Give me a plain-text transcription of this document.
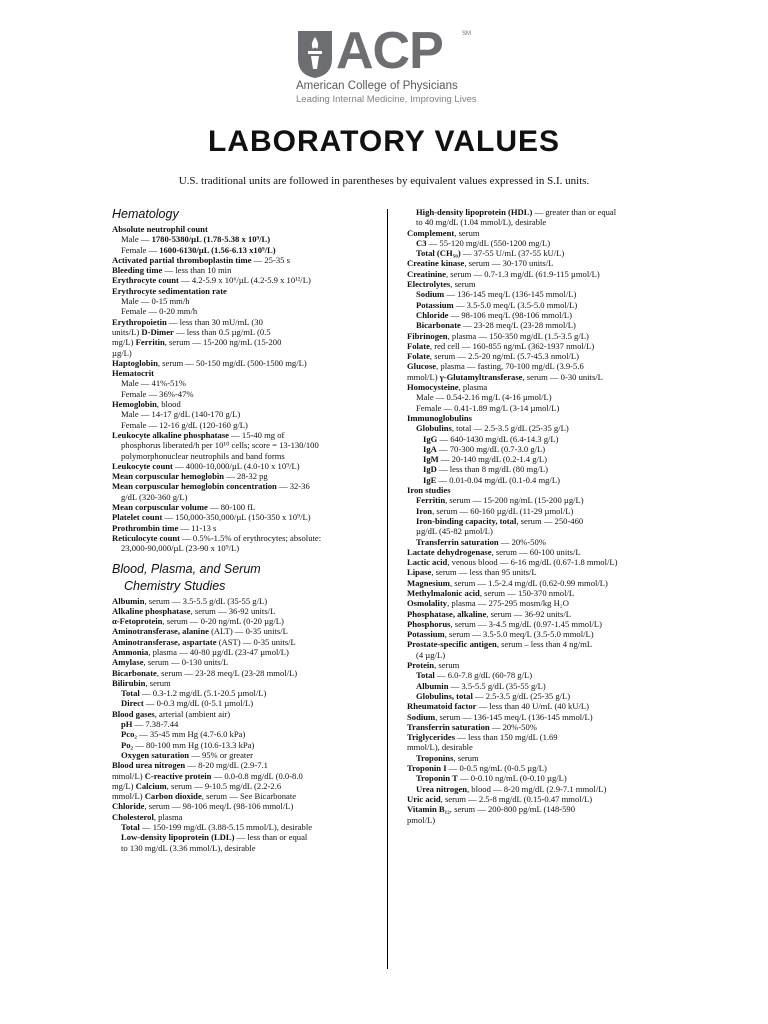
ACP	SM
American College of Physicians
Leading Internal Medicine, Improving Lives
LABORATORY VALUES
U.S. traditional units are followed in parentheses by equivalent values expressed in S.I. units.
Hematology
Absolute neutrophil count
Male — 1780-5380/µL (1.78-5.38 x 10⁹/L)
Female — 1600-6130/µL (1.56-6.13 x10⁹/L)
Activated partial thromboplastin time — 25-35 s
Bleeding time — less than 10 min
Erythrocyte count — 4.2-5.9 x 10⁶/µL (4.2-5.9 x 10¹²/L)
Erythrocyte sedimentation rate
Male — 0-15 mm/h
Female — 0-20 mm/h
Erythropoietin — less than 30 mU/mL (30
units/L) D-Dimer — less than 0.5 µg/mL (0.5
mg/L) Ferritin, serum — 15-200 ng/mL (15-200
µg/L)
Haptoglobin, serum — 50-150 mg/dL (500-1500 mg/L)
Hematocrit
Male — 41%-51%
Female — 36%-47%
Hemoglobin, blood
Male — 14-17 g/dL (140-170 g/L)
Female — 12-16 g/dL (120-160 g/L)
Leukocyte alkaline phosphatase — 15-40 mg of
phosphorus liberated/h per 10¹⁰ cells; score = 13-130/100
polymorphonuclear neutrophils and band forms
Leukocyte count — 4000-10,000/µL (4.0-10 x 10⁹/L)
Mean corpuscular hemoglobin — 28-32 pg
Mean corpuscular hemoglobin concentration — 32-36
g/dL (320-360 g/L)
Mean corpuscular volume — 80-100 fL
Platelet count — 150,000-350,000/µL (150-350 x 10⁹/L)
Prothrombin time — 11-13 s
Reticulocyte count — 0.5%-1.5% of erythrocytes; absolute:
23,000-90,000/µL (23-90 x 10⁹/L)
Blood, Plasma, and Serum
Chemistry Studies
Albumin, serum — 3.5-5.5 g/dL (35-55 g/L)
Alkaline phosphatase, serum — 36-92 units/L
α-Fetoprotein, serum — 0-20 ng/mL (0-20 µg/L)
Aminotransferase, alanine (ALT) — 0-35 units/L
Aminotransferase, aspartate (AST) — 0-35 units/L
Ammonia, plasma — 40-80 µg/dL (23-47 µmol/L)
Amylase, serum — 0-130 units/L
Bicarbonate, serum — 23-28 meq/L (23-28 mmol/L)
Bilirubin, serum
Total — 0.3-1.2 mg/dL (5.1-20.5 µmol/L)
Direct — 0-0.3 mg/dL (0-5.1 µmol/L)
Blood gases, arterial (ambient air)
pH — 7.38-7.44
Pco₂ — 35-45 mm Hg (4.7-6.0 kPa)
Po₂ — 80-100 mm Hg (10.6-13.3 kPa)
Oxygen saturation — 95% or greater
Blood urea nitrogen — 8-20 mg/dL (2.9-7.1
mmol/L) C-reactive protein — 0.0-0.8 mg/dL (0.0-8.0
mg/L) Calcium, serum — 9-10.5 mg/dL (2.2-2.6
mmol/L) Carbon dioxide, serum — See Bicarbonate
Chloride, serum — 98-106 meq/L (98-106 mmol/L)
Cholesterol, plasma
Total — 150-199 mg/dL (3.88-5.15 mmol/L), desirable
Low-density lipoprotein (LDL) — less than or equal
to 130 mg/dL (3.36 mmol/L), desirable
High-density lipoprotein (HDL) — greater than or equal
to 40 mg/dL (1.04 mmol/L), desirable
Complement, serum
C3 — 55-120 mg/dL (550-1200 mg/L)
Total (CH₅₀) — 37-55 U/mL (37-55 kU/L)
Creatine kinase, serum — 30-170 units/L
Creatinine, serum — 0.7-1.3 mg/dL (61.9-115 µmol/L)
Electrolytes, serum
Sodium — 136-145 meq/L (136-145 mmol/L)
Potassium — 3.5-5.0 meq/L (3.5-5.0 mmol/L)
Chloride — 98-106 meq/L (98-106 mmol/L)
Bicarbonate — 23-28 meq/L (23-28 mmol/L)
Fibrinogen, plasma — 150-350 mg/dL (1.5-3.5 g/L)
Folate, red cell — 160-855 ng/mL (362-1937 nmol/L)
Folate, serum — 2.5-20 ng/mL (5.7-45.3 nmol/L)
Glucose, plasma — fasting, 70-100 mg/dL (3.9-5.6
mmol/L) γ-Glutamyltransferase, serum — 0-30 units/L
Homocysteine, plasma
Male — 0.54-2.16 mg/L (4-16 µmol/L)
Female — 0.41-1.89 mg/L (3-14 µmol/L)
Immunoglobulins
Globulins, total — 2.5-3.5 g/dL (25-35 g/L)
IgG — 640-1430 mg/dL (6.4-14.3 g/L)
IgA — 70-300 mg/dL (0.7-3.0 g/L)
IgM — 20-140 mg/dL (0.2-1.4 g/L)
IgD — less than 8 mg/dL (80 mg/L)
IgE — 0.01-0.04 mg/dL (0.1-0.4 mg/L)
Iron studies
Ferritin, serum — 15-200 ng/mL (15-200 µg/L)
Iron, serum — 60-160 µg/dL (11-29 µmol/L)
Iron-binding capacity, total, serum — 250-460
µg/dL (45-82 µmol/L)
Transferrin saturation — 20%-50%
Lactate dehydrogenase, serum — 60-100 units/L
Lactic acid, venous blood — 6-16 mg/dL (0.67-1.8 mmol/L)
Lipase, serum — less than 95 units/L
Magnesium, serum — 1.5-2.4 mg/dL (0.62-0.99 mmol/L)
Methylmalonic acid, serum — 150-370 nmol/L
Osmolality, plasma — 275-295 mosm/kg H₂O
Phosphatase, alkaline, serum — 36-92 units/L
Phosphorus, serum — 3-4.5 mg/dL (0.97-1.45 mmol/L)
Potassium, serum — 3.5-5.0 meq/L (3.5-5.0 mmol/L)
Prostate-specific antigen, serum – less than 4 ng/mL
(4 µg/L)
Protein, serum
Total — 6.0-7.8 g/dL (60-78 g/L)
Albumin — 3.5-5.5 g/dL (35-55 g/L)
Globulins, total — 2.5-3.5 g/dL (25-35 g/L)
Rheumatoid factor — less than 40 U/mL (40 kU/L)
Sodium, serum — 136-145 meq/L (136-145 mmol/L)
Transferrin saturation — 20%-50%
Triglycerides — less than 150 mg/dL (1.69
mmol/L), desirable
Troponins, serum
Troponin I — 0-0.5 ng/mL (0-0.5 µg/L)
Troponin T — 0-0.10 ng/mL (0-0.10 µg/L)
Urea nitrogen, blood — 8-20 mg/dL (2.9-7.1 mmol/L)
Uric acid, serum — 2.5-8 mg/dL (0.15-0.47 mmol/L)
Vitamin B₁₂, serum — 200-800 pg/mL (148-590
pmol/L)
